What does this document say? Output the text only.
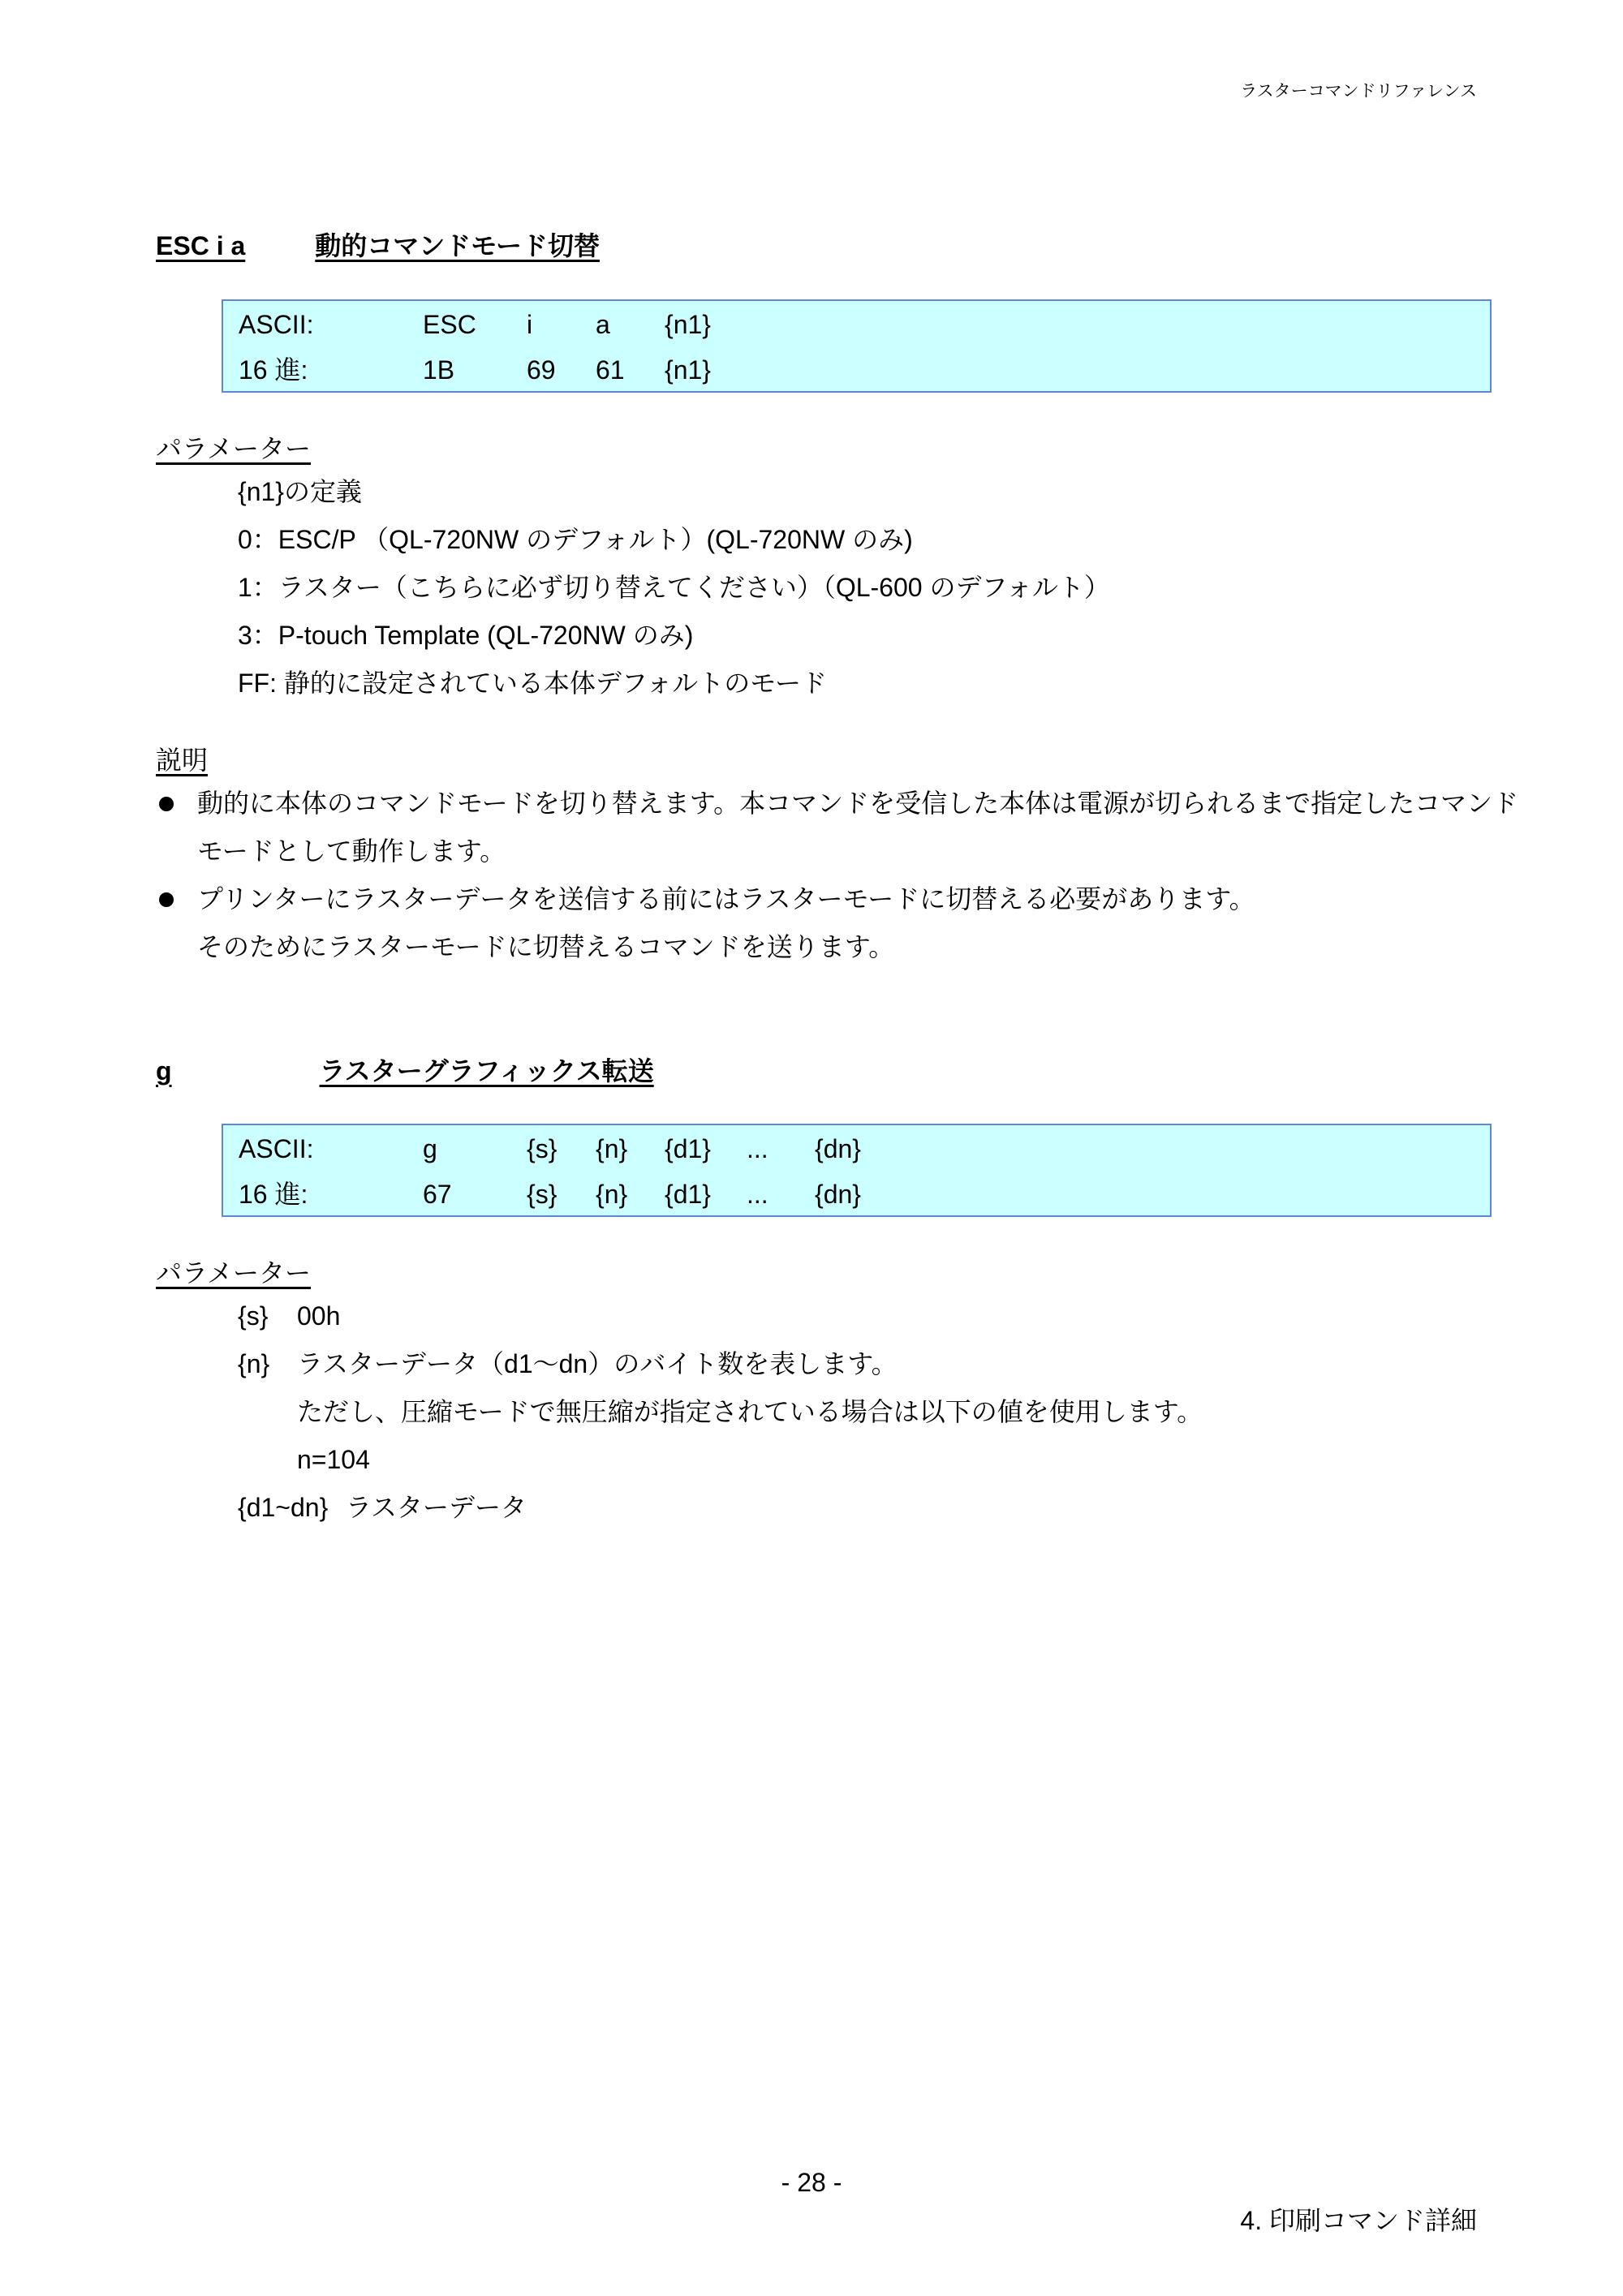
ラスターコマンドリファレンス
ESC i a	動的コマンドモード切替
ASCII:	ESC i a {n1}
16 進:	1B	69 61 {n1}
パラメーター
{n1}の定義
0：ESC/P （QL-720NW のデフォルト）(QL-720NW のみ)
1：ラスター（こちらに必ず切り替えてください）（QL-600 のデフォルト）
3：P-touch Template (QL-720NW のみ)
FF: 静的に設定されている本体デフォルトのモード
説明
動的に本体のコマンドモードを切り替えます。本コマンドを受信した本体は電源が切られるまで指定したコマンド
モードとして動作します。
プリンターにラスターデータを送信する前にはラスターモードに切替える必要があります。
そのためにラスターモードに切替えるコマンドを送ります。
g	ラスターグラフィックス転送
ASCII:	g	{s} {n} {d1} ... {dn}
16 進:	67	{s} {n} {d1} ... {dn}
パラメーター
{s} 00h
{n} ラスターデータ（d1～dn）のバイト数を表します。
ただし、圧縮モードで無圧縮が指定されている場合は以下の値を使用します。
n=104
{d1~dn} ラスターデータ
- 28 -
4. 印刷コマンド詳細
